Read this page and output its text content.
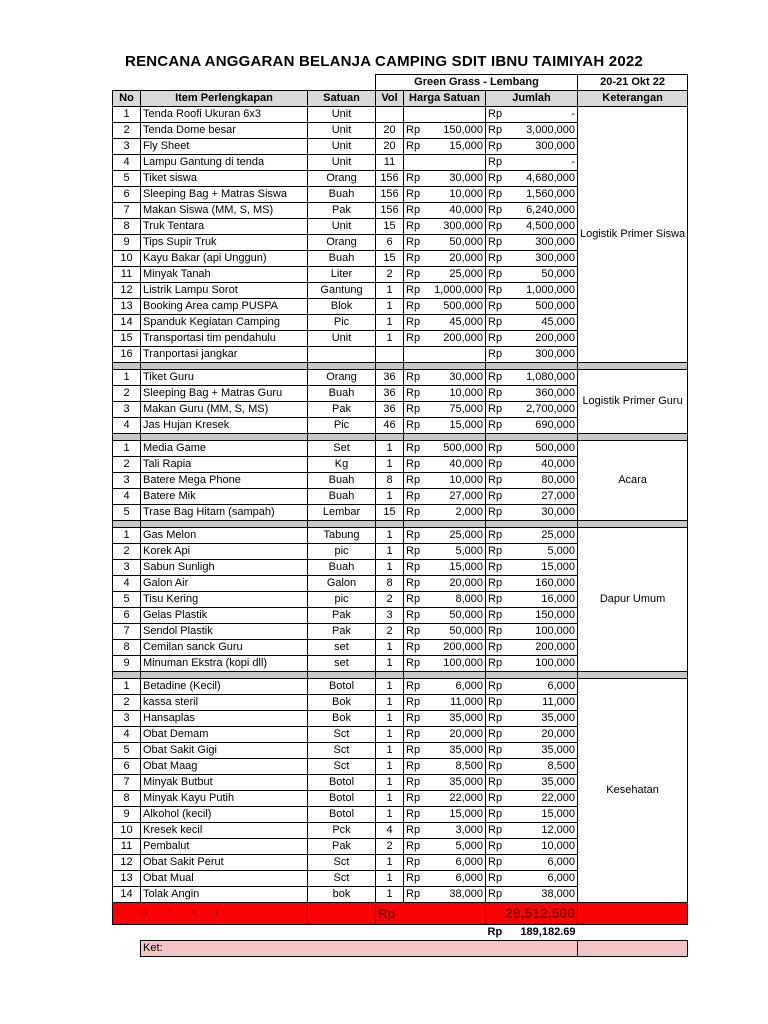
RENCANA ANGGARAN BELANJA CAMPING SDIT IBNU TAIMIYAH 2022
			Green Grass - Lembang					20-21 Okt 22
No	Item Perlengkapan	Satuan	Vol	Harga Satuan		Jumlah		Keterangan
1	Tenda Roofi Ukuran 6x3	Unit				Rp	-	Logistik Primer Siswa
2	Tenda Dome besar	Unit	20	Rp	150,000	Rp	3,000,000	
3	Fly Sheet	Unit	20	Rp	15,000	Rp	300,000	
4	Lampu Gantung di tenda	Unit	11			Rp	-	
5	Tiket siswa	Orang	156	Rp	30,000	Rp	4,680,000	
6	Sleeping Bag + Matras Siswa	Buah	156	Rp	10,000	Rp	1,560,000	
7	Makan Siswa (MM, S, MS)	Pak	156	Rp	40,000	Rp	6,240,000	
8	Truk Tentara	Unit	15	Rp	300,000	Rp	4,500,000	
9	Tips Supir Truk	Orang	6	Rp	50,000	Rp	300,000	
10	Kayu Bakar (api Unggun)	Buah	15	Rp	20,000	Rp	300,000	
11	Minyak Tanah	Liter	2	Rp	25,000	Rp	50,000	
12	Listrik Lampu Sorot	Gantung	1	Rp	1,000,000	Rp	1,000,000	
13	Booking Area camp PUSPA	Blok	1	Rp	500,000	Rp	500,000	
14	Spanduk Kegiatan Camping	Pic	1	Rp	45,000	Rp	45,000	
15	Transportasi tim pendahulu	Unit	1	Rp	200,000	Rp	200,000	
16	Tranportasi jangkar					Rp	300,000	

1	Tiket Guru	Orang	36	Rp	30,000	Rp	1,080,000	Logistik Primer Guru
2	Sleeping Bag + Matras Guru	Buah	36	Rp	10,000	Rp	360,000	
3	Makan Guru (MM, S, MS)	Pak	36	Rp	75,000	Rp	2,700,000	
4	Jas Hujan Kresek	Pic	46	Rp	15,000	Rp	690,000	

1	Media Game	Set	1	Rp	500,000	Rp	500,000	Acara
2	Tali Rapia	Kg	1	Rp	40,000	Rp	40,000	
3	Batere Mega Phone	Buah	8	Rp	10,000	Rp	80,000	
4	Batere Mik	Buah	1	Rp	27,000	Rp	27,000	
5	Trase Bag Hitam (sampah)	Lembar	15	Rp	2,000	Rp	30,000	

1	Gas Melon	Tabung	1	Rp	25,000	Rp	25,000	Dapur Umum
2	Korek Api	pic	1	Rp	5,000	Rp	5,000	
3	Sabun Sunligh	Buah	1	Rp	15,000	Rp	15,000	
4	Galon Air	Galon	8	Rp	20,000	Rp	160,000	
5	Tisu Kering	pic	2	Rp	8,000	Rp	16,000	
6	Gelas Plastik	Pak	3	Rp	50,000	Rp	150,000	
7	Sendol Plastik	Pak	2	Rp	50,000	Rp	100,000	
8	Cemilan sanck Guru	set	1	Rp	200,000	Rp	200,000	
9	Minuman Ekstra (kopi dll)	set	1	Rp	100,000	Rp	100,000	

1	Betadine (Kecil)	Botol	1	Rp	6,000	Rp	6,000	Kesehatan
2	kassa steril	Bok	1	Rp	11,000	Rp	11,000	
3	Hansaplas	Bok	1	Rp	35,000	Rp	35,000	
4	Obat Demam	Sct	1	Rp	20,000	Rp	20,000	
5	Obat Sakit Gigi	Sct	1	Rp	35,000	Rp	35,000	
6	Obat Maag	Sct	1	Rp	8,500	Rp	8,500	
7	Minyak Butbut	Botol	1	Rp	35,000	Rp	35,000	
8	Minyak Kayu Putih	Botol	1	Rp	22,000	Rp	22,000	
9	Alkohol (kecil)	Botol	1	Rp	15,000	Rp	15,000	
10	Kresek kecil	Pck	4	Rp	3,000	Rp	12,000	
11	Pembalut	Pak	2	Rp	5,000	Rp	10,000	
12	Obat Sakit Perut	Sct	1	Rp	6,000	Rp	6,000	
13	Obat Mual	Sct	1	Rp	6,000	Rp	6,000	
14	Tolak Angin	bok	1	Rp	38,000	Rp	38,000	
T O T A L			Rp			29,512,500		
						Rp	189,182.69	
	Ket:							
